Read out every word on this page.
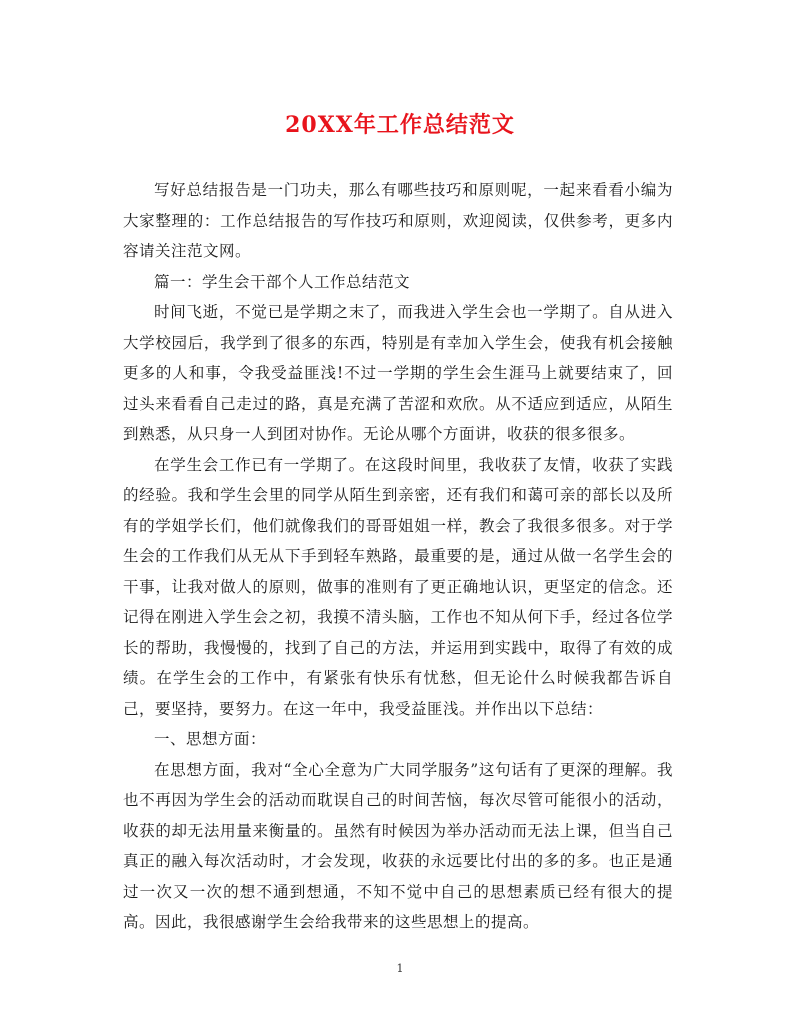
20XX年工作总结范文

写好总结报告是一门功夫，那么有哪些技巧和原则呢，一起来看看小编为大家整理的：工作总结报告的写作技巧和原则，欢迎阅读，仅供参考，更多内容请关注范文网。

篇一：学生会干部个人工作总结范文

时间飞逝，不觉已是学期之末了，而我进入学生会也一学期了。自从进入大学校园后，我学到了很多的东西，特别是有幸加入学生会，使我有机会接触更多的人和事，令我受益匪浅!不过一学期的学生会生涯马上就要结束了，回过头来看看自己走过的路，真是充满了苦涩和欢欣。从不适应到适应，从陌生到熟悉，从只身一人到团对协作。无论从哪个方面讲，收获的很多很多。

在学生会工作已有一学期了。在这段时间里，我收获了友情，收获了实践的经验。我和学生会里的同学从陌生到亲密，还有我们和蔼可亲的部长以及所有的学姐学长们，他们就像我们的哥哥姐姐一样，教会了我很多很多。对于学生会的工作我们从无从下手到轻车熟路，最重要的是，通过从做一名学生会的干事，让我对做人的原则，做事的准则有了更正确地认识，更坚定的信念。还记得在刚进入学生会之初，我摸不清头脑，工作也不知从何下手，经过各位学长的帮助，我慢慢的，找到了自己的方法，并运用到实践中，取得了有效的成绩。在学生会的工作中，有紧张有快乐有忧愁，但无论什么时候我都告诉自己，要坚持，要努力。在这一年中，我受益匪浅。并作出以下总结：

一、思想方面：

在思想方面，我对“全心全意为广大同学服务”这句话有了更深的理解。我也不再因为学生会的活动而耽误自己的时间苦恼，每次尽管可能很小的活动，收获的却无法用量来衡量的。虽然有时候因为举办活动而无法上课，但当自己真正的融入每次活动时，才会发现，收获的永远要比付出的多的多。也正是通过一次又一次的想不通到想通，不知不觉中自己的思想素质已经有很大的提高。因此，我很感谢学生会给我带来的这些思想上的提高。

1
